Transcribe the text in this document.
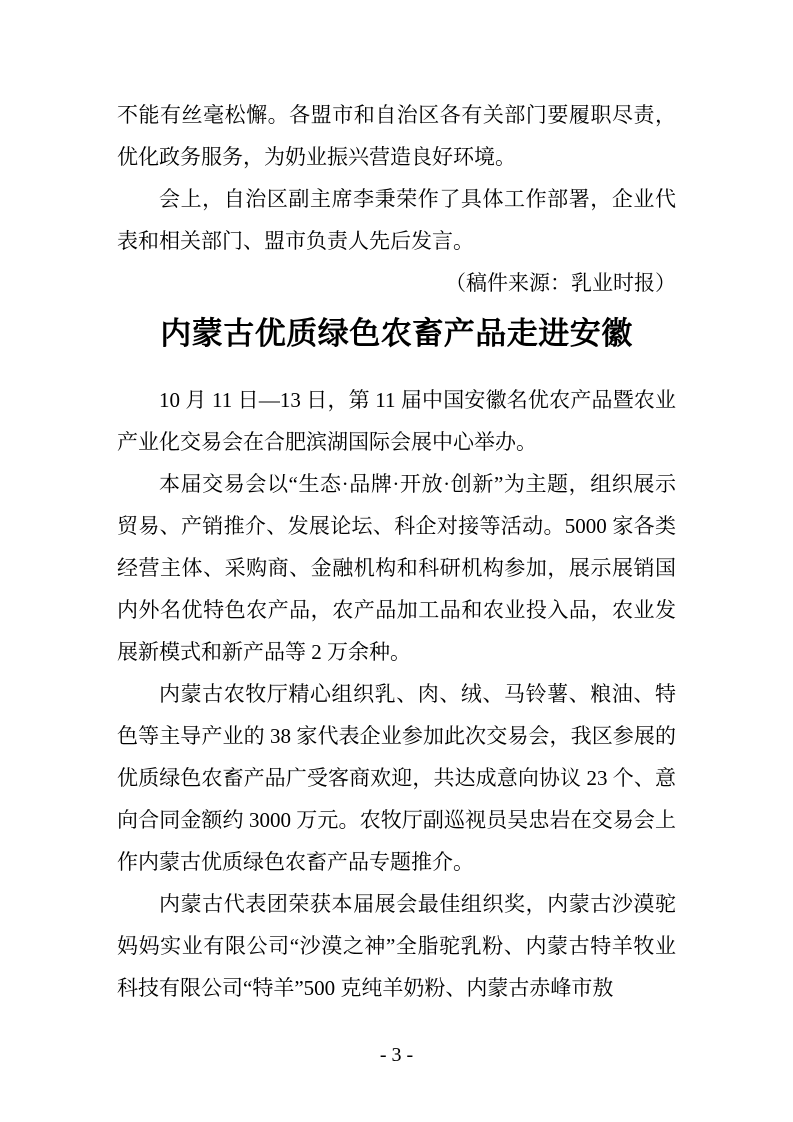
不能有丝毫松懈。各盟市和自治区各有关部门要履职尽责，优化政务服务，为奶业振兴营造良好环境。

会上，自治区副主席李秉荣作了具体工作部署，企业代表和相关部门、盟市负责人先后发言。

（稿件来源：乳业时报）

内蒙古优质绿色农畜产品走进安徽

10 月 11 日—13 日，第 11 届中国安徽名优农产品暨农业产业化交易会在合肥滨湖国际会展中心举办。

本届交易会以“生态·品牌·开放·创新”为主题，组织展示贸易、产销推介、发展论坛、科企对接等活动。5000 家各类经营主体、采购商、金融机构和科研机构参加，展示展销国内外名优特色农产品，农产品加工品和农业投入品，农业发展新模式和新产品等 2 万余种。

内蒙古农牧厅精心组织乳、肉、绒、马铃薯、粮油、特色等主导产业的 38 家代表企业参加此次交易会，我区参展的优质绿色农畜产品广受客商欢迎，共达成意向协议 23 个、意向合同金额约 3000 万元。农牧厅副巡视员吴忠岩在交易会上作内蒙古优质绿色农畜产品专题推介。

内蒙古代表团荣获本届展会最佳组织奖，内蒙古沙漠驼妈妈实业有限公司“沙漠之神”全脂驼乳粉、内蒙古特羊牧业科技有限公司“特羊”500 克纯羊奶粉、内蒙古赤峰市敖

- 3 -
